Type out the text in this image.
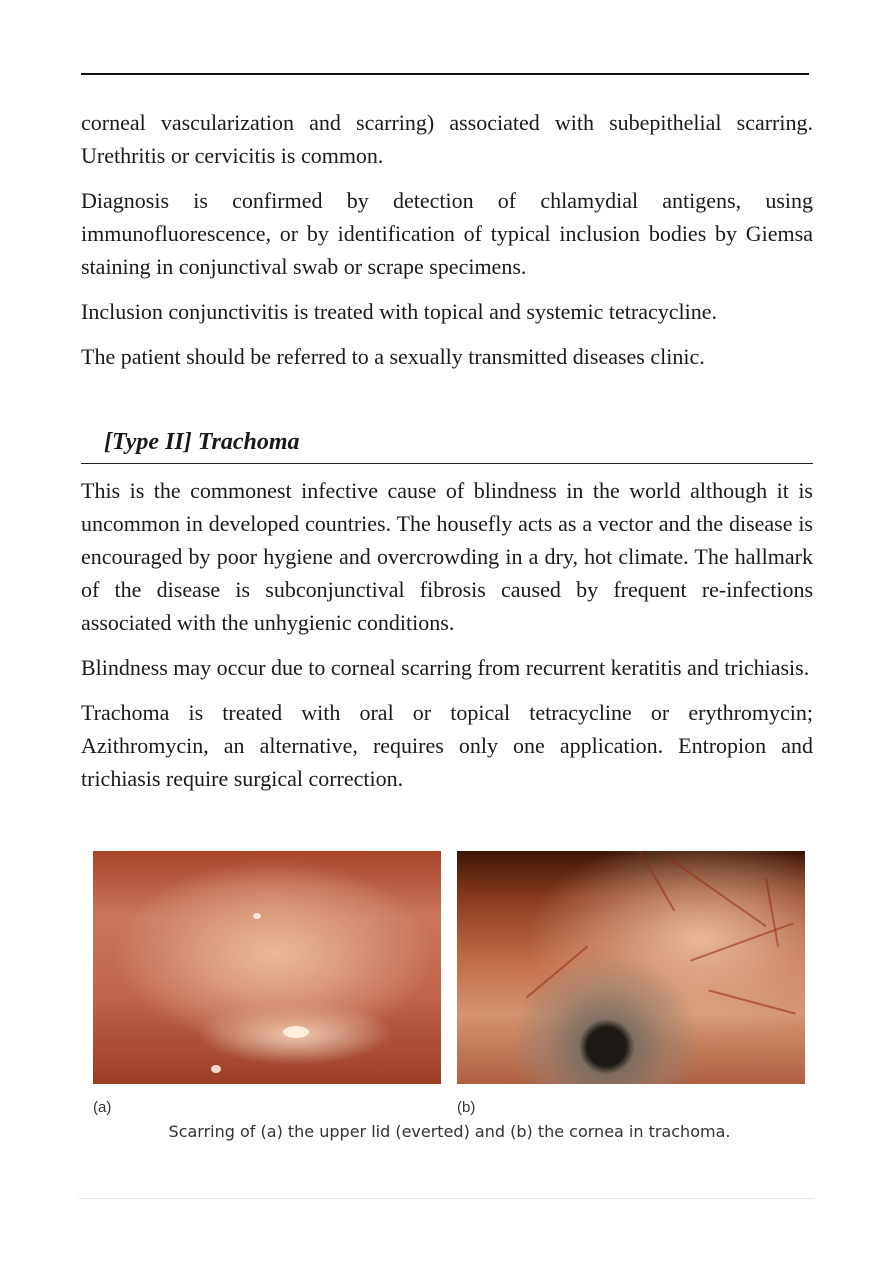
corneal vascularization and scarring) associated with subepithelial scarring. Urethritis or cervicitis is common.

Diagnosis is confirmed by detection of chlamydial antigens, using immunofluorescence, or by identification of typical inclusion bodies by Giemsa staining in conjunctival swab or scrape specimens.

Inclusion conjunctivitis is treated with topical and systemic tetracycline.

The patient should be referred to a sexually transmitted diseases clinic.

[Type II] Trachoma

This is the commonest infective cause of blindness in the world although it is uncommon in developed countries. The housefly acts as a vector and the disease is encouraged by poor hygiene and overcrowding in a dry, hot climate. The hallmark of the disease is subconjunctival fibrosis caused by frequent re-infections associated with the unhygienic conditions.

Blindness may occur due to corneal scarring from recurrent keratitis and trichiasis.

Trachoma is treated with oral or topical tetracycline or erythromycin; Azithromycin, an alternative, requires only one application. Entropion and trichiasis require surgical correction.

(a)	(b)
Scarring of (a) the upper lid (everted) and (b) the cornea in trachoma.
